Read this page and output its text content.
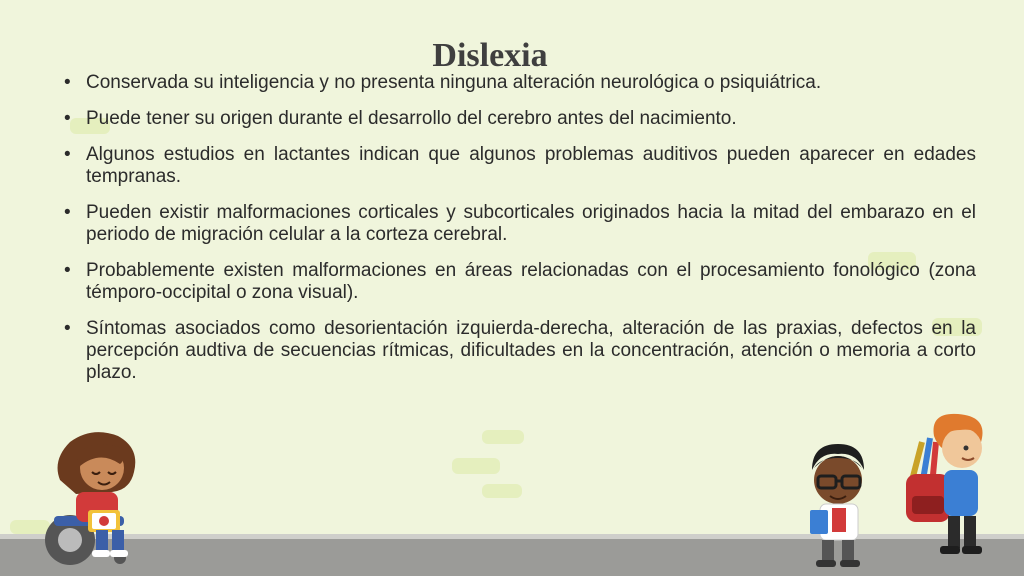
Dislexia
• Conservada su inteligencia y no presenta ninguna alteración neurológica o psiquiátrica.
• Puede tener su origen durante el desarrollo del cerebro antes del nacimiento.
• Algunos estudios en lactantes indican que algunos problemas auditivos pueden aparecer en edades tempranas.
• Pueden existir malformaciones corticales y subcorticales originados hacia la mitad del embarazo en el periodo de migración celular a la corteza cerebral.
• Probablemente existen malformaciones en áreas relacionadas con el procesamiento fonológico (zona témporo-occipital o zona visual).
• Síntomas asociados como desorientación izquierda-derecha, alteración de las praxias, defectos en la percepción audtiva de secuencias rítmicas, dificultades en la concentración, atención o memoria a corto plazo.
